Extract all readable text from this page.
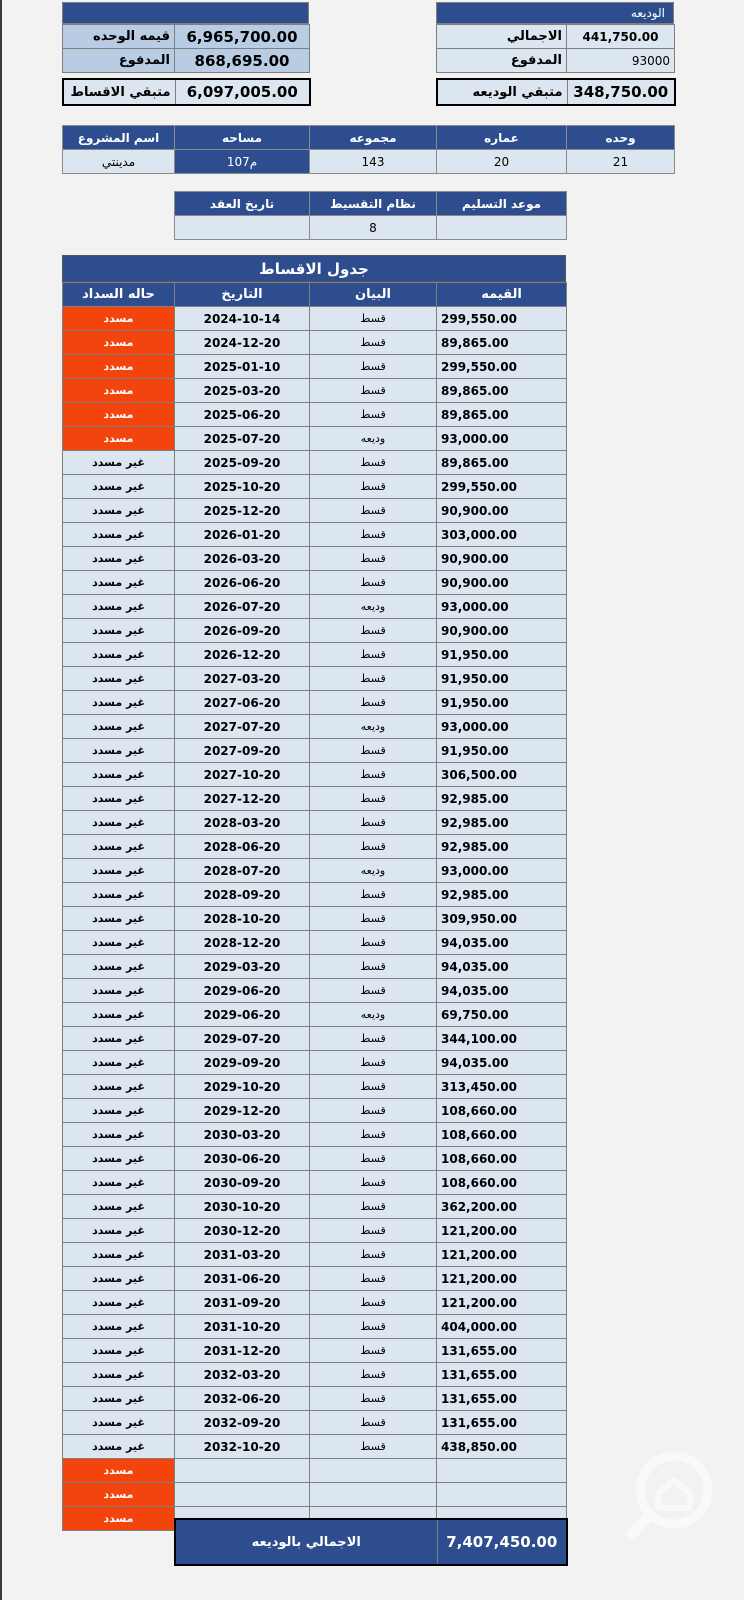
قيمه الوحده	6,965,700.00
المدفوع	868,695.00
متبقي الاقساط	6,097,005.00
الوديعه
الاجمالي	441,750.00
المدفوع	93000
متبقي الوديعه	348,750.00
اسم المشروع	مساحه	مجموعه	عماره	وحده
مدينتي	107م	143	20	21
تاريخ العقد	نظام التقسيط	موعد التسليم
	8	
جدول الاقساط
حاله السداد	التاريخ	البيان	القيمه
مسدد	2024-10-14	قسط	299,550.00
مسدد	2024-12-20	قسط	89,865.00
مسدد	2025-01-10	قسط	299,550.00
مسدد	2025-03-20	قسط	89,865.00
مسدد	2025-06-20	قسط	89,865.00
مسدد	2025-07-20	وديعه	93,000.00
غير مسدد	2025-09-20	قسط	89,865.00
غير مسدد	2025-10-20	قسط	299,550.00
غير مسدد	2025-12-20	قسط	90,900.00
غير مسدد	2026-01-20	قسط	303,000.00
غير مسدد	2026-03-20	قسط	90,900.00
غير مسدد	2026-06-20	قسط	90,900.00
غير مسدد	2026-07-20	وديعه	93,000.00
غير مسدد	2026-09-20	قسط	90,900.00
غير مسدد	2026-12-20	قسط	91,950.00
غير مسدد	2027-03-20	قسط	91,950.00
غير مسدد	2027-06-20	قسط	91,950.00
غير مسدد	2027-07-20	وديعه	93,000.00
غير مسدد	2027-09-20	قسط	91,950.00
غير مسدد	2027-10-20	قسط	306,500.00
غير مسدد	2027-12-20	قسط	92,985.00
غير مسدد	2028-03-20	قسط	92,985.00
غير مسدد	2028-06-20	قسط	92,985.00
غير مسدد	2028-07-20	وديعه	93,000.00
غير مسدد	2028-09-20	قسط	92,985.00
غير مسدد	2028-10-20	قسط	309,950.00
غير مسدد	2028-12-20	قسط	94,035.00
غير مسدد	2029-03-20	قسط	94,035.00
غير مسدد	2029-06-20	قسط	94,035.00
غير مسدد	2029-06-20	وديعه	69,750.00
غير مسدد	2029-07-20	قسط	344,100.00
غير مسدد	2029-09-20	قسط	94,035.00
غير مسدد	2029-10-20	قسط	313,450.00
غير مسدد	2029-12-20	قسط	108,660.00
غير مسدد	2030-03-20	قسط	108,660.00
غير مسدد	2030-06-20	قسط	108,660.00
غير مسدد	2030-09-20	قسط	108,660.00
غير مسدد	2030-10-20	قسط	362,200.00
غير مسدد	2030-12-20	قسط	121,200.00
غير مسدد	2031-03-20	قسط	121,200.00
غير مسدد	2031-06-20	قسط	121,200.00
غير مسدد	2031-09-20	قسط	121,200.00
غير مسدد	2031-10-20	قسط	404,000.00
غير مسدد	2031-12-20	قسط	131,655.00
غير مسدد	2032-03-20	قسط	131,655.00
غير مسدد	2032-06-20	قسط	131,655.00
غير مسدد	2032-09-20	قسط	131,655.00
غير مسدد	2032-10-20	قسط	438,850.00
مسدد			
مسدد			
مسدد			
الاجمالي بالوديعه	7,407,450.00
